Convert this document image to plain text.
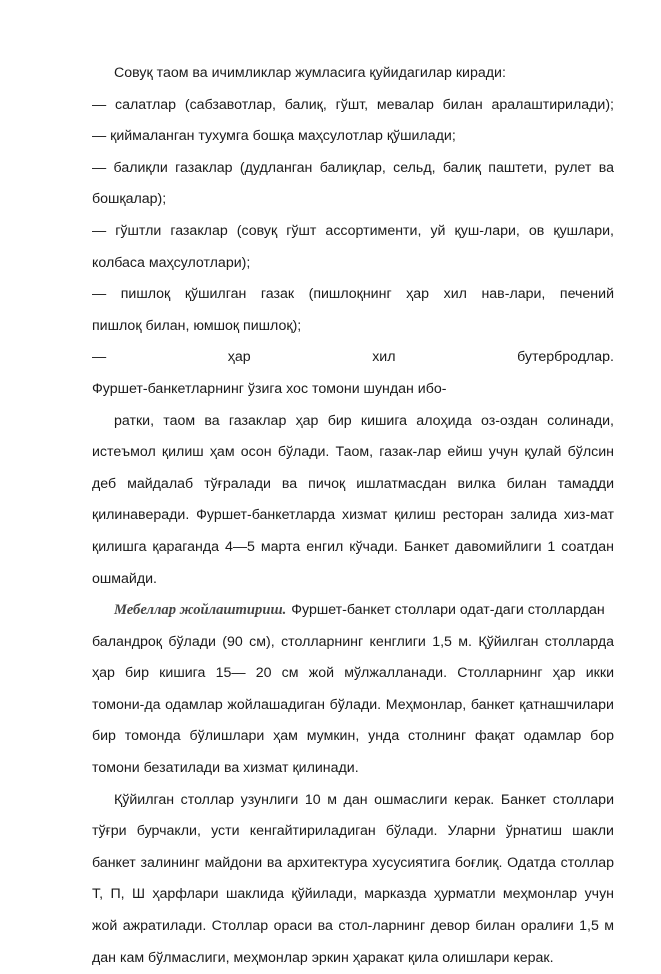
Совуқ таом ва ичимликлар жумласига қуйидагилар киради:
— салатлар (сабзавотлар, балиқ, гўшт, мевалар билан аралаштирилади);
— қиймаланган тухумга бошқа маҳсулотлар қўшилади;
— балиқли газаклар (дудланган балиқлар, сельд, балиқ паштети, рулет ва
бошқалар);
— гўштли газаклар (совуқ гўшт ассортименти, уй қуш-лари, ов қушлари,
колбаса маҳсулотлари);
— пишлоқ қўшилган газак (пишлоқнинг ҳар хил нав-лари, печений
пишлоқ билан, юмшоқ пишлоқ);
— ҳар хил бутербродлар.
Фуршет-банкетларнинг ўзига хос томони шундан ибо-
ратки, таом ва газаклар ҳар бир кишига алоҳида оз-оздан солинади,
истеъмол қилиш ҳам осон бўлади. Таом, газак-лар ейиш учун қулай бўлсин
деб майдалаб тўғралади ва пичоқ ишлатмасдан вилка билан тамадди
қилинаверади. Фуршет-банкетларда хизмат қилиш ресторан залида хиз-мат
қилишга қараганда 4—5 марта енгил кўчади. Банкет давомийлиги 1 соатдан
ошмайди.
Мебеллар жойлаштириш. Фуршет-банкет столлари одат-даги столлардан
баландроқ бўлади (90 см), столларнинг кенглиги 1,5 м. Қўйилган столларда
ҳар бир кишига 15— 20 см жой мўлжалланади. Столларнинг ҳар икки
томони-да одамлар жойлашадиган бўлади. Меҳмонлар, банкет қатнашчилари
бир томонда бўлишлари ҳам мумкин, унда столнинг фақат одамлар бор
томони безатилади ва хизмат қилинади.
Қўйилган столлар узунлиги 10 м дан ошмаслиги керак. Банкет столлари
тўғри бурчакли, усти кенгайтириладиган бўлади. Уларни ўрнатиш шакли
банкет залининг майдони ва архитектура хусусиятига боғлиқ. Одатда столлар
Т, П, Ш ҳарфлари шаклида қўйилади, марказда ҳурматли меҳмонлар учун
жой ажратилади. Столлар ораси ва стол-ларнинг девор билан оралиғи 1,5 м
дан кам бўлмаслиги, меҳмонлар эркин ҳаракат қила олишлари керак.
